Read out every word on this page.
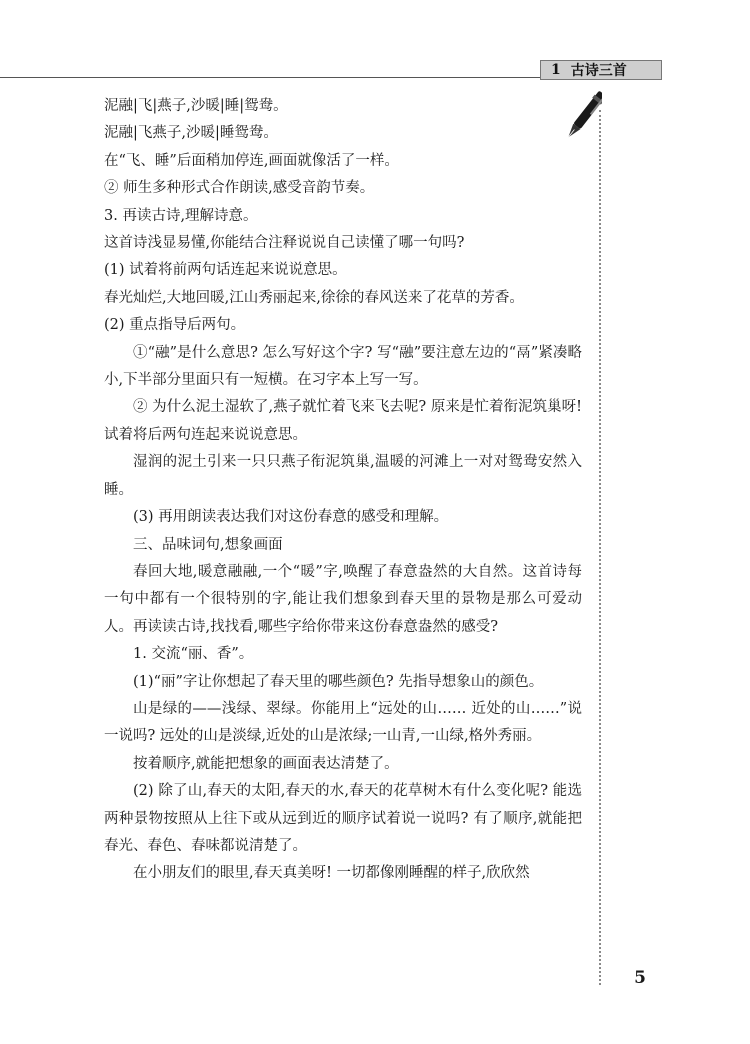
1 古诗三首

泥融|飞|燕子,沙暖|睡|鸳鸯。

泥融|飞燕子,沙暖|睡鸳鸯。

在“飞、睡”后面稍加停连,画面就像活了一样。

② 师生多种形式合作朗读,感受音韵节奏。

3. 再读古诗,理解诗意。

这首诗浅显易懂,你能结合注释说说自己读懂了哪一句吗?

(1) 试着将前两句话连起来说说意思。

春光灿烂,大地回暖,江山秀丽起来,徐徐的春风送来了花草的芳香。

(2) 重点指导后两句。

①“融”是什么意思? 怎么写好这个字? 写“融”要注意左边的“鬲”紧凑略小,下半部分里面只有一短横。在习字本上写一写。

② 为什么泥土湿软了,燕子就忙着飞来飞去呢? 原来是忙着衔泥筑巢呀! 试着将后两句连起来说说意思。

湿润的泥土引来一只只燕子衔泥筑巢,温暖的河滩上一对对鸳鸯安然入睡。

(3) 再用朗读表达我们对这份春意的感受和理解。

三、品味词句,想象画面

春回大地,暖意融融,一个“暖”字,唤醒了春意盎然的大自然。这首诗每一句中都有一个很特别的字,能让我们想象到春天里的景物是那么可爱动人。再读读古诗,找找看,哪些字给你带来这份春意盎然的感受?

1. 交流“丽、香”。

(1)“丽”字让你想起了春天里的哪些颜色? 先指导想象山的颜色。

山是绿的——浅绿、翠绿。你能用上“远处的山…… 近处的山……”说一说吗? 远处的山是淡绿,近处的山是浓绿;一山青,一山绿,格外秀丽。

按着顺序,就能把想象的画面表达清楚了。

(2) 除了山,春天的太阳,春天的水,春天的花草树木有什么变化呢? 能选两种景物按照从上往下或从远到近的顺序试着说一说吗? 有了顺序,就能把春光、春色、春味都说清楚了。

在小朋友们的眼里,春天真美呀! 一切都像刚睡醒的样子,欣欣然

5
